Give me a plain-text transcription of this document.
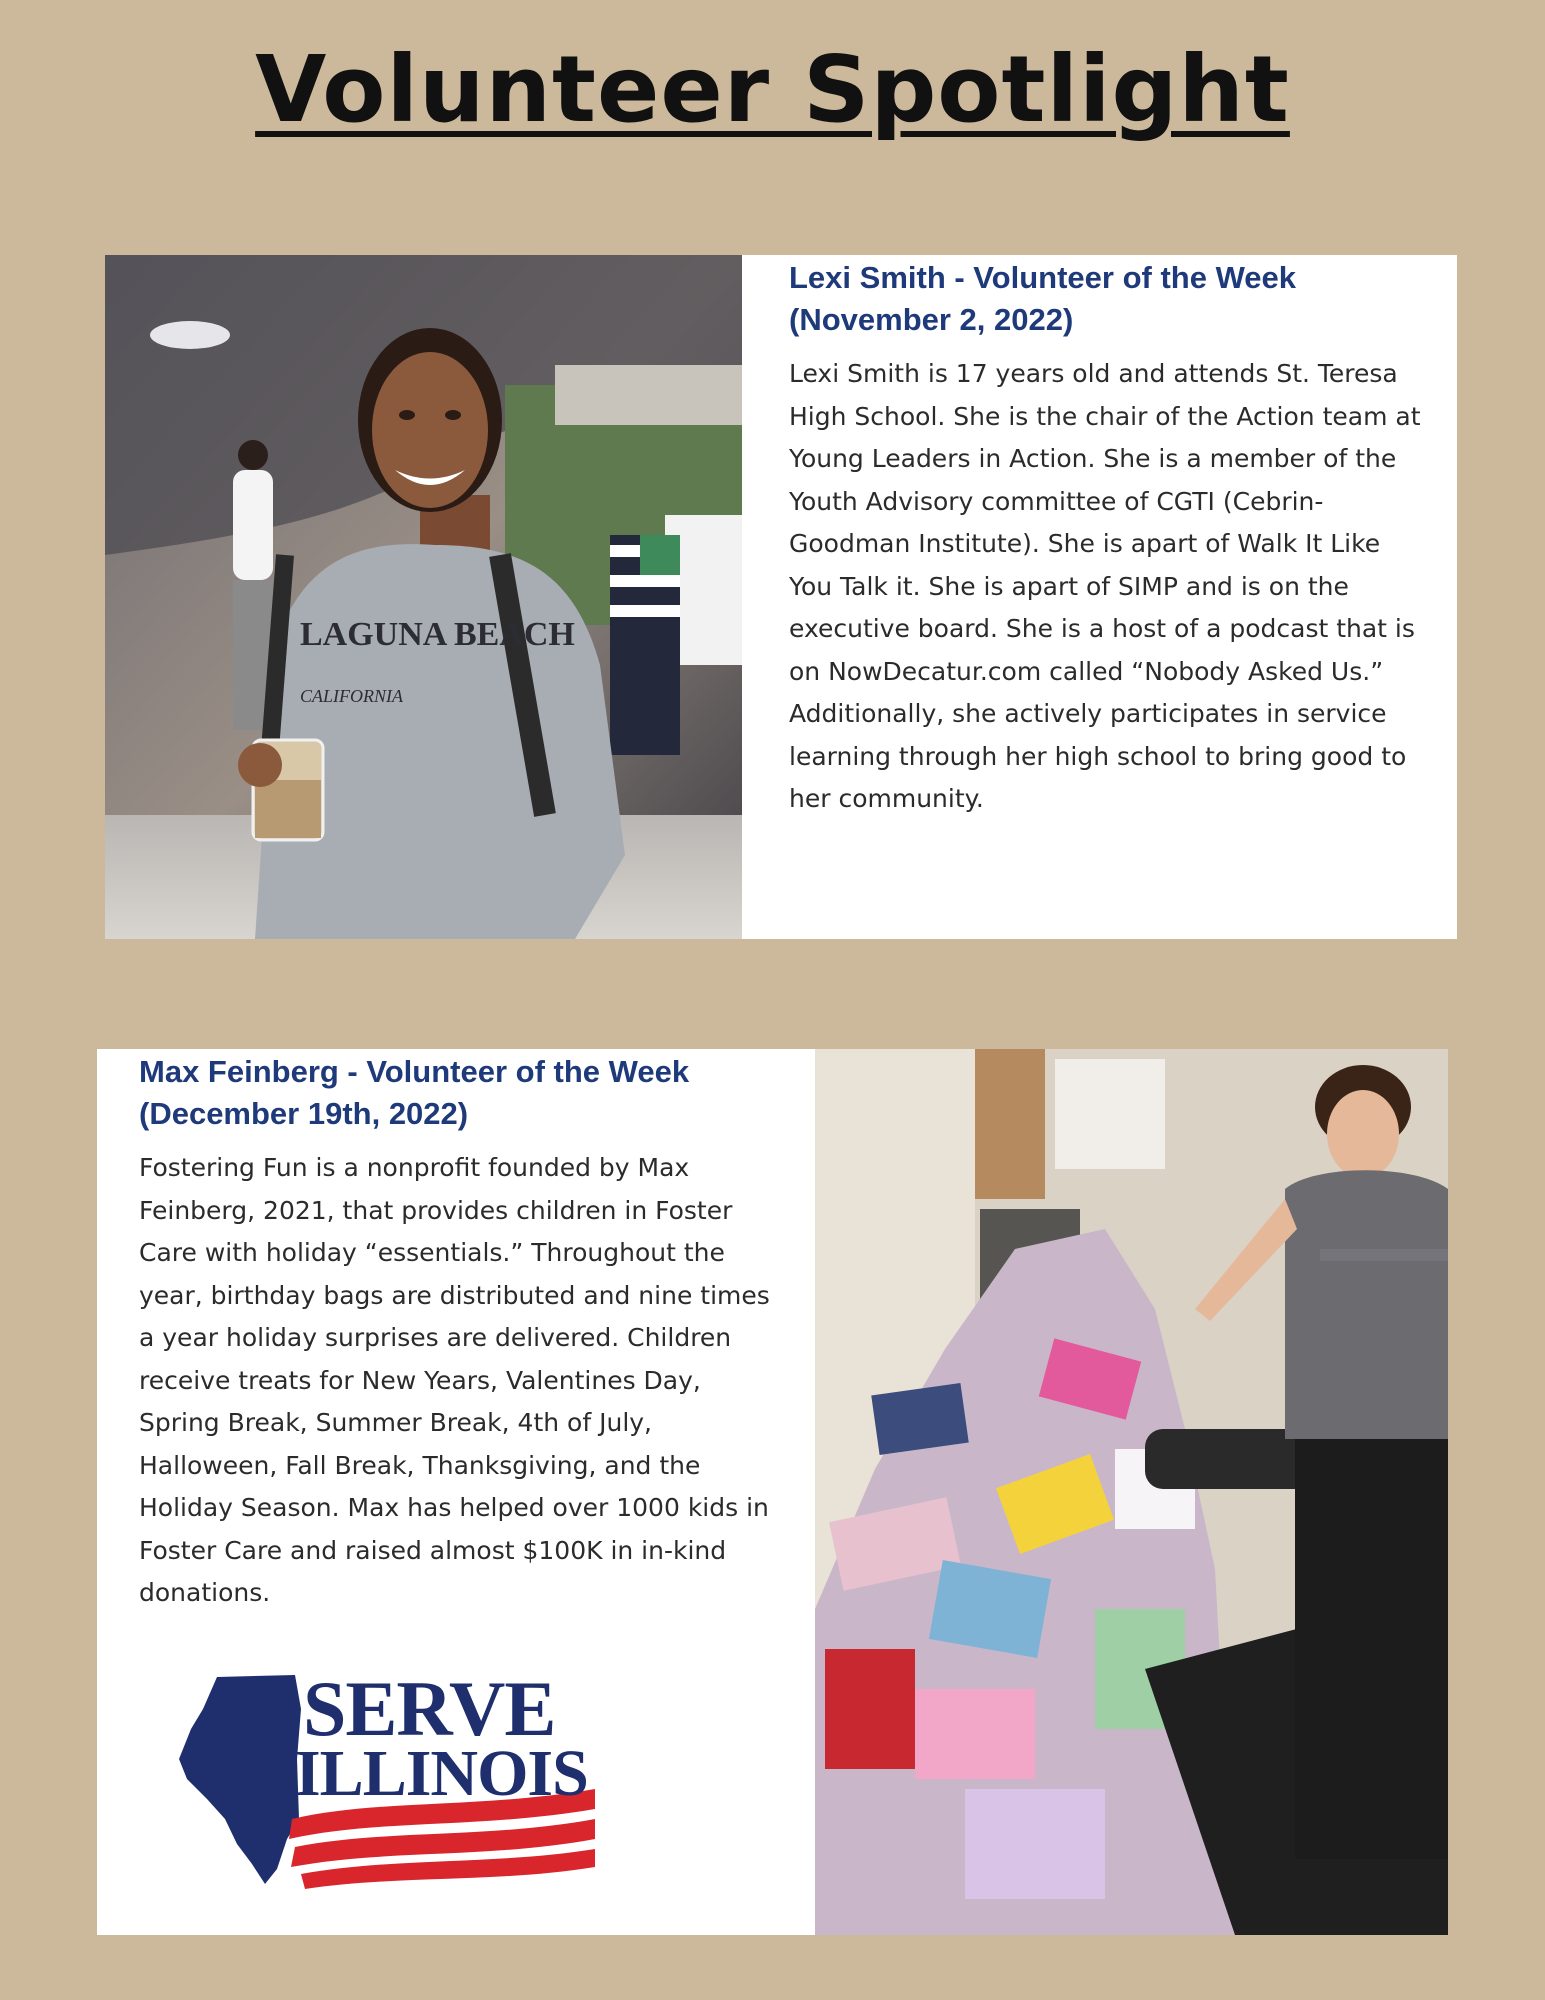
Volunteer Spotlight
LAGUNA BEACH
CALIFORNIA
Lexi Smith - Volunteer of the Week
(November 2, 2022)
Lexi Smith is 17 years old and attends St. Teresa High School. She is the chair of the Action team at Young Leaders in Action. She is a member of the Youth Advisory committee of CGTI (Cebrin-Goodman Institute). She is apart of Walk It Like You Talk it. She is apart of SIMP and is on the executive board. She is a host of a podcast that is on NowDecatur.com called “Nobody Asked Us.” Additionally, she actively participates in service learning through her high school to bring good to her community.
Max Feinberg - Volunteer of the Week
(December 19th, 2022)
Fostering Fun is a nonprofit founded by Max Feinberg, 2021, that provides children in Foster Care with holiday “essentials.” Throughout the year, birthday bags are distributed and nine times a year holiday surprises are delivered. Children receive treats for New Years, Valentines Day, Spring Break, Summer Break, 4th of July, Halloween, Fall Break, Thanksgiving, and the Holiday Season. Max has helped over 1000 kids in Foster Care and raised almost $100K in in-kind donations.
SERVE
ILLINOIS
